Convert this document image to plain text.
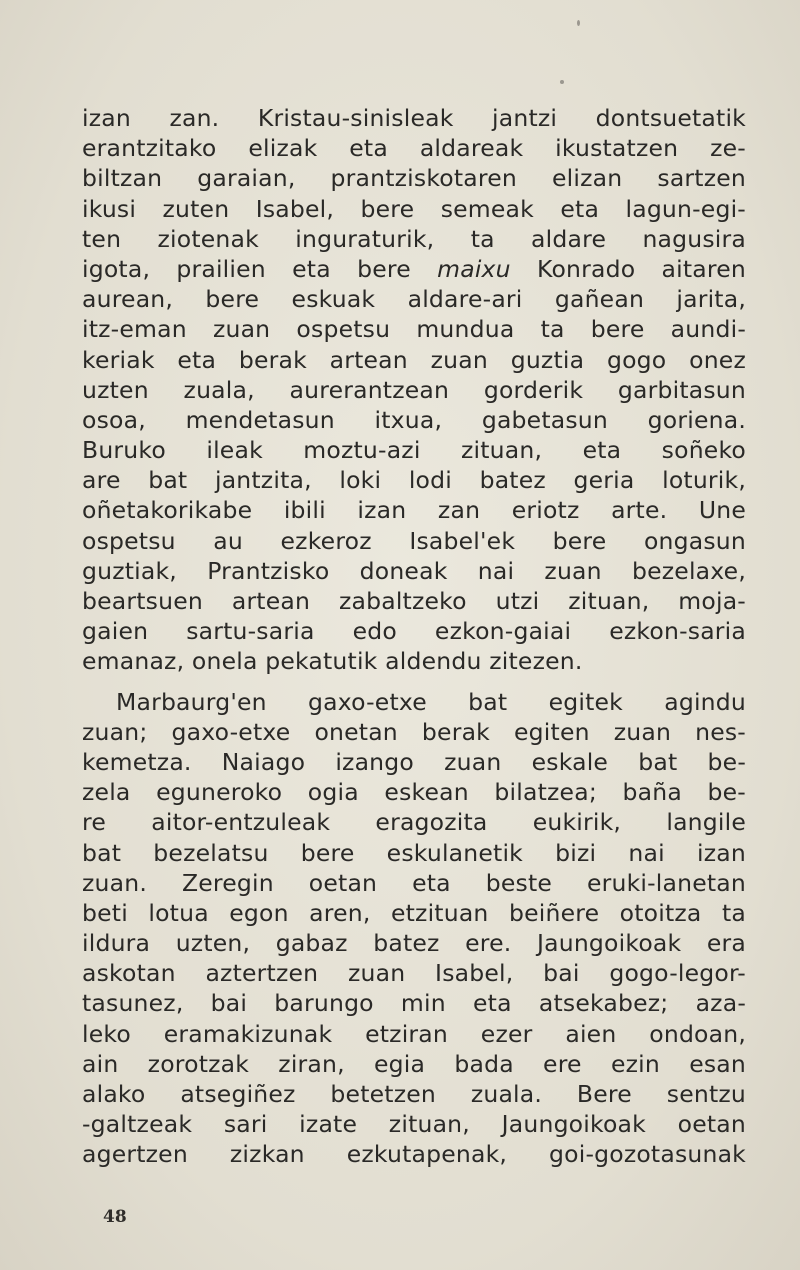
izan zan. Kristau-sinisleak jantzi dontsuetatik
erantzitako elizak eta aldareak ikustatzen ze-
biltzan garaian, prantziskotaren elizan sartzen
ikusi zuten Isabel, bere semeak eta lagun-egi-
ten ziotenak inguraturik, ta aldare nagusira
igota, prailien eta bere maixu Konrado aitaren
aurean, bere eskuak aldare-ari gañean jarita,
itz-eman zuan ospetsu mundua ta bere aundi-
keriak eta berak artean zuan guztia gogo onez
uzten zuala, aurerantzean gorderik garbitasun
osoa, mendetasun itxua, gabetasun goriena.
Buruko ileak moztu-azi zituan, eta soñeko
are bat jantzita, loki lodi batez geria loturik,
oñetakorikabe ibili izan zan eriotz arte. Une
ospetsu au ezkeroz Isabel'ek bere ongasun
guztiak, Prantzisko doneak nai zuan bezelaxe,
beartsuen artean zabaltzeko utzi zituan, moja-
gaien sartu-saria edo ezkon-gaiai ezkon-saria
emanaz, onela pekatutik aldendu zitezen.
Marbaurg'en gaxo-etxe bat egitek agindu
zuan; gaxo-etxe onetan berak egiten zuan nes-
kemetza. Naiago izango zuan eskale bat be-
zela eguneroko ogia eskean bilatzea; baña be-
re aitor-entzuleak eragozita eukirik, langile
bat bezelatsu bere eskulanetik bizi nai izan
zuan. Zeregin oetan eta beste eruki-lanetan
beti lotua egon aren, etzituan beiñere otoitza ta
ildura uzten, gabaz batez ere. Jaungoikoak era
askotan aztertzen zuan Isabel, bai gogo-legor-
tasunez, bai barungo min eta atsekabez; aza-
leko eramakizunak etziran ezer aien ondoan,
ain zorotzak ziran, egia bada ere ezin esan
alako atsegiñez betetzen zuala. Bere sentzu
-galtzeak sari izate zituan, Jaungoikoak oetan
agertzen zizkan ezkutapenak, goi-gozotasunak
48
